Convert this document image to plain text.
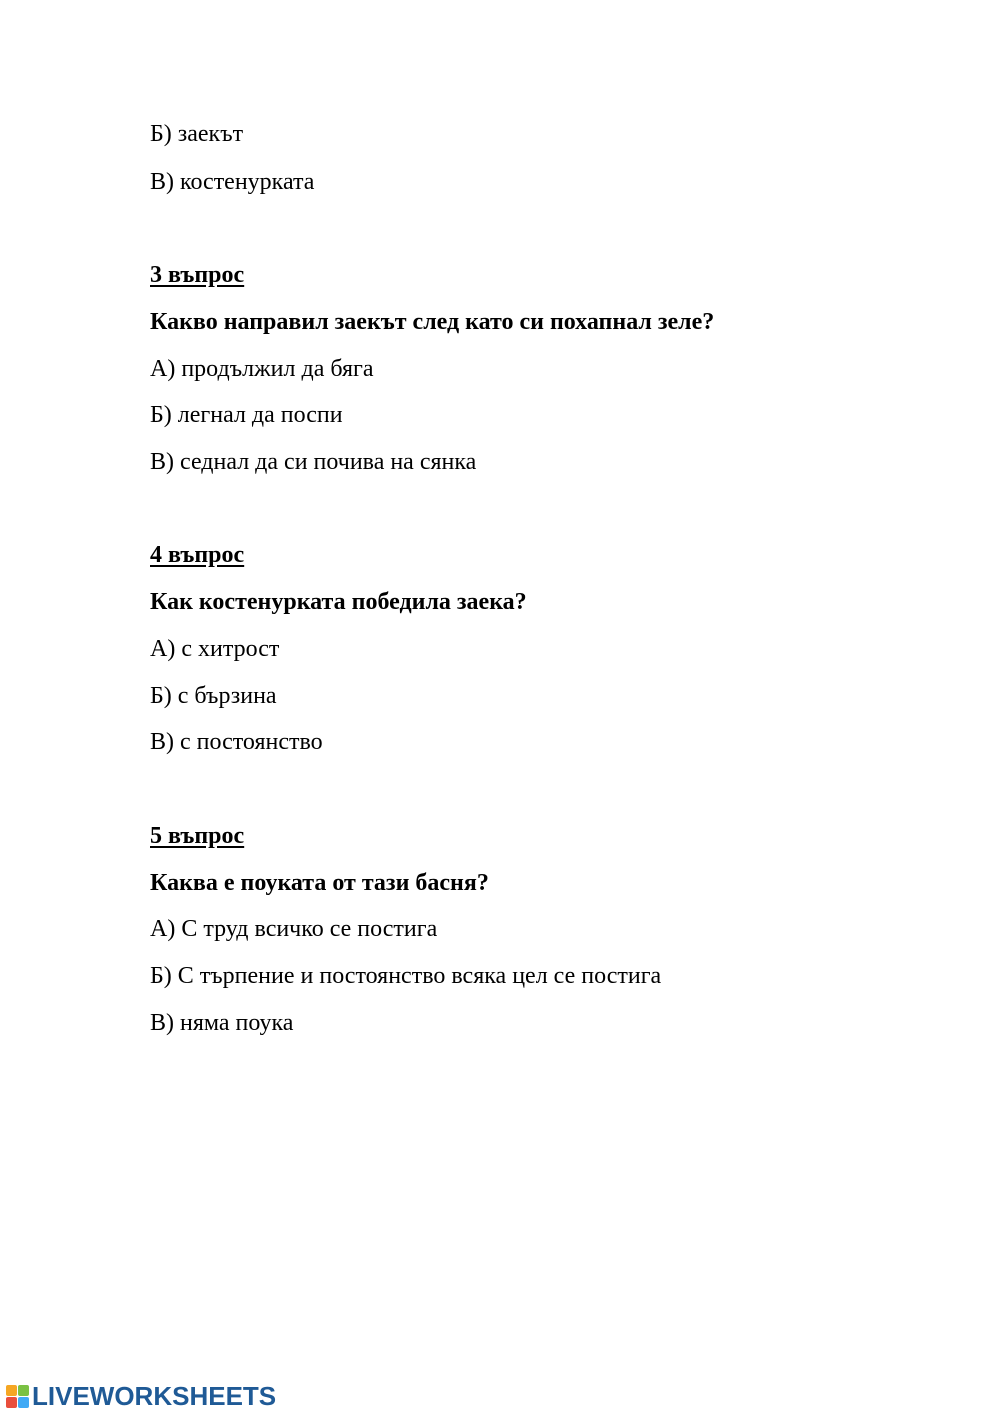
Б) заекът
В) костенурката
3 въпрос
Какво направил заекът след като си похапнал зеле?
А) продължил да бяга
Б) легнал да поспи
В) седнал да си почива на сянка
4 въпрос
Как костенурката победила заека?
А) с хитрост
Б) с бързина
В) с постоянство
5 въпрос
Каква е поуката от тази басня?
А) С труд всичко се постига
Б) С търпение и постоянство всяка цел се постига
В) няма поука
LIVEWORKSHEETS
